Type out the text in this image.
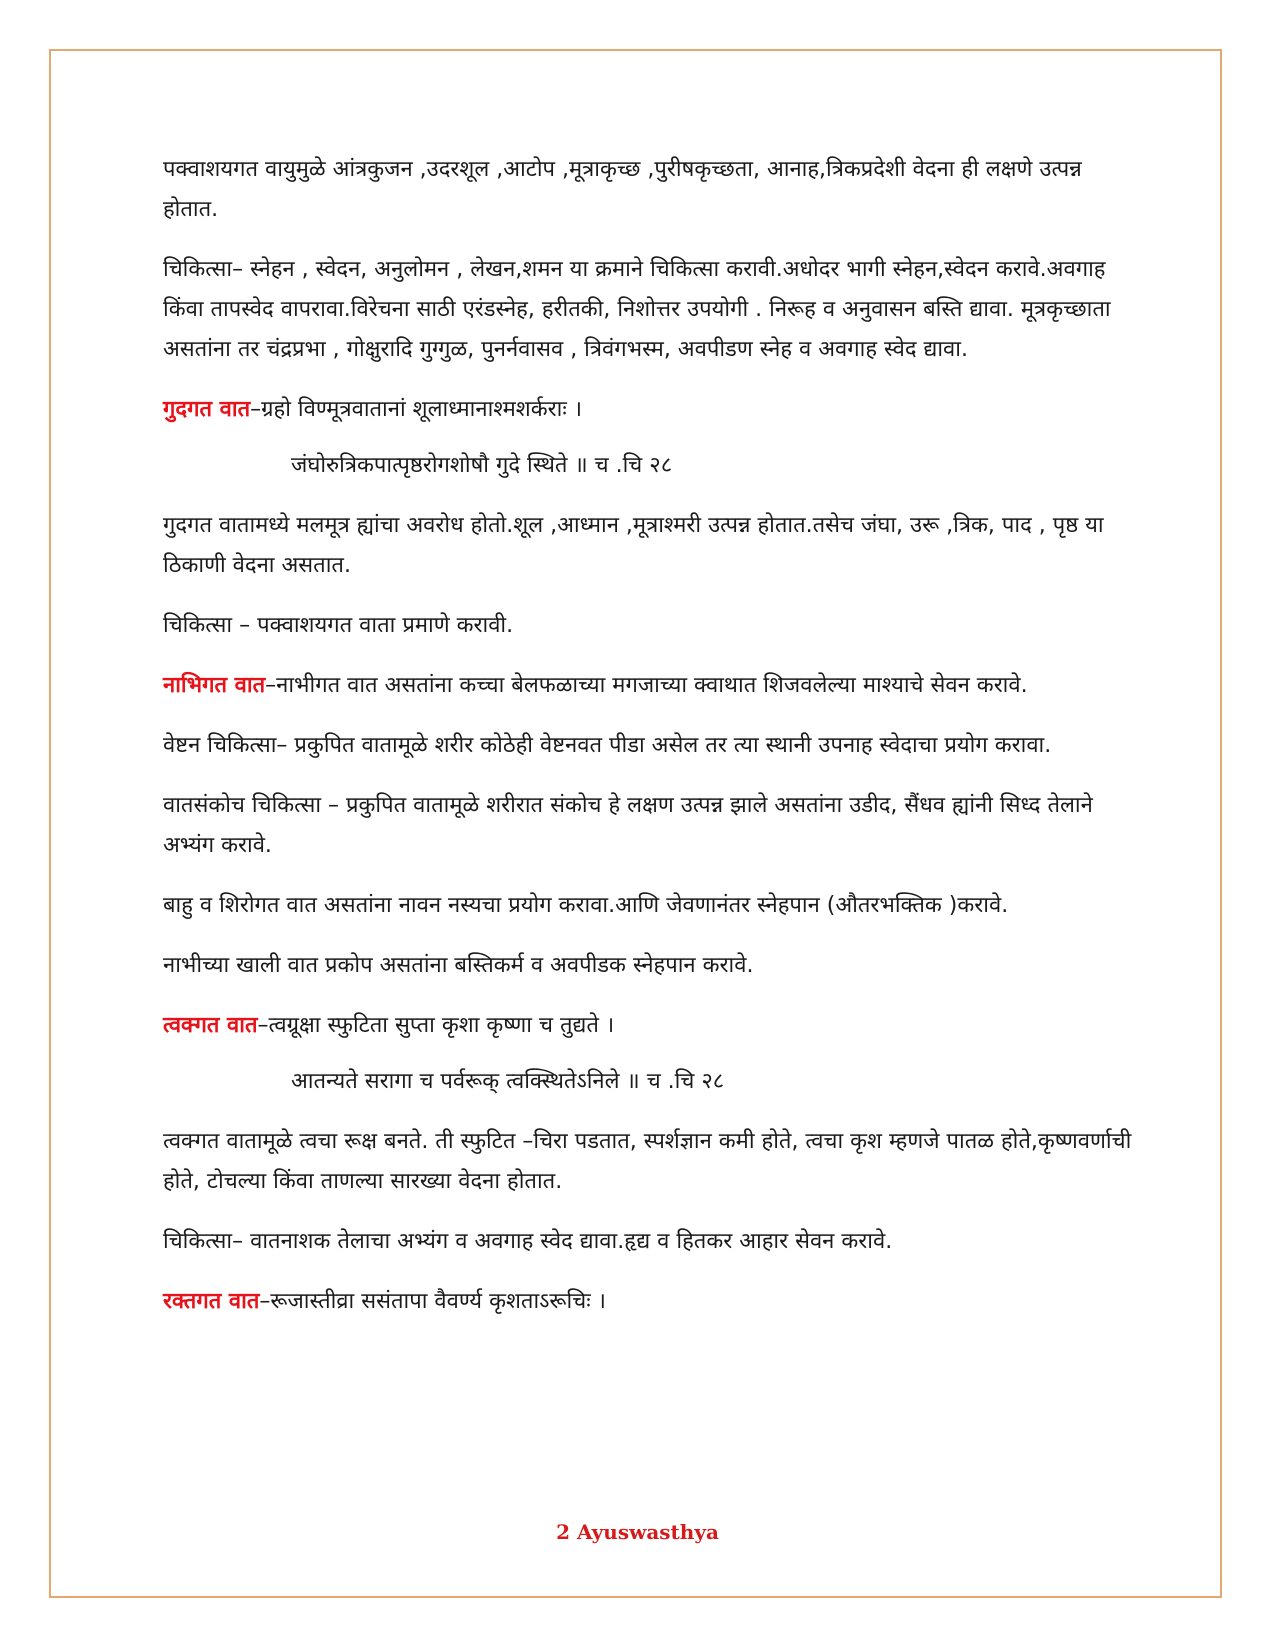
पक्वाशयगत वायुमुळे आंत्रकुजन ,उदरशूल ,आटोप ,मूत्राकृच्छ ,पुरीषकृच्छता, आनाह,त्रिकप्रदेशी वेदना ही लक्षणे उत्पन्न होतात.

चिकित्सा– स्नेहन , स्वेदन, अनुलोमन , लेखन,शमन या क्रमाने चिकित्सा करावी.अधोदर भागी स्नेहन,स्वेदन करावे.अवगाह किंवा तापस्वेद वापरावा.विरेचना साठी एरंडस्नेह, हरीतकी, निशोत्तर उपयोगी . निरूह व अनुवासन बस्ति द्यावा. मूत्रकृच्छाता असतांना तर चंद्रप्रभा , गोक्षुरादि गुग्गुळ, पुनर्नवासव , त्रिवंगभस्म, अवपीडण स्नेह व अवगाह स्वेद द्यावा.

गुदगत वात–ग्रहो विण्मूत्रवातानां शूलाध्मानाश्मशर्कराः ।

जंघोरुत्रिकपात्पृष्ठरोगशोषौ गुदे स्थिते ॥ च .चि २८

गुदगत वातामध्ये मलमूत्र ह्यांचा अवरोध होतो.शूल ,आध्मान ,मूत्राश्मरी उत्पन्न होतात.तसेच जंघा, उरू ,त्रिक, पाद , पृष्ठ या ठिकाणी वेदना असतात.

चिकित्सा – पक्वाशयगत वाता प्रमाणे करावी.

नाभिगत वात–नाभीगत वात असतांना कच्चा बेलफळाच्या मगजाच्या क्वाथात शिजवलेल्या माश्याचे सेवन करावे.

वेष्टन चिकित्सा– प्रकुपित वातामूळे शरीर कोठेही वेष्टनवत पीडा असेल तर त्या स्थानी उपनाह स्वेदाचा प्रयोग करावा.

वातसंकोच चिकित्सा – प्रकुपित वातामूळे शरीरात संकोच हे लक्षण उत्पन्न झाले असतांना उडीद, सैंधव ह्यांनी सिध्द तेलाने अभ्यंग करावे.

बाहु व शिरोगत वात असतांना नावन नस्यचा प्रयोग करावा.आणि जेवणानंतर स्नेहपान (औतरभक्तिक )करावे.

नाभीच्या खाली वात प्रकोप असतांना बस्तिकर्म व अवपीडक स्नेहपान करावे.

त्वक्गत वात–त्वग्रूक्षा स्फुटिता सुप्ता कृशा कृष्णा च तुद्यते ।

आतन्यते सरागा च पर्वरूक् त्वक्स्थितेऽनिले ॥ च .चि २८

त्वक्गत वातामूळे त्वचा रूक्ष बनते. ती स्फुटित –चिरा पडतात, स्पर्शज्ञान कमी होते, त्वचा कृश म्हणजे पातळ होते,कृष्णवर्णाची होते, टोचल्या किंवा ताणल्या सारख्या वेदना होतात.

चिकित्सा– वातनाशक तेलाचा अभ्यंग व अवगाह स्वेद द्यावा.हृद्य व हितकर आहार सेवन करावे.

रक्तगत वात–रूजास्तीव्रा ससंतापा वैवर्ण्य कृशताऽरूचिः ।

2 Ayuswasthya
